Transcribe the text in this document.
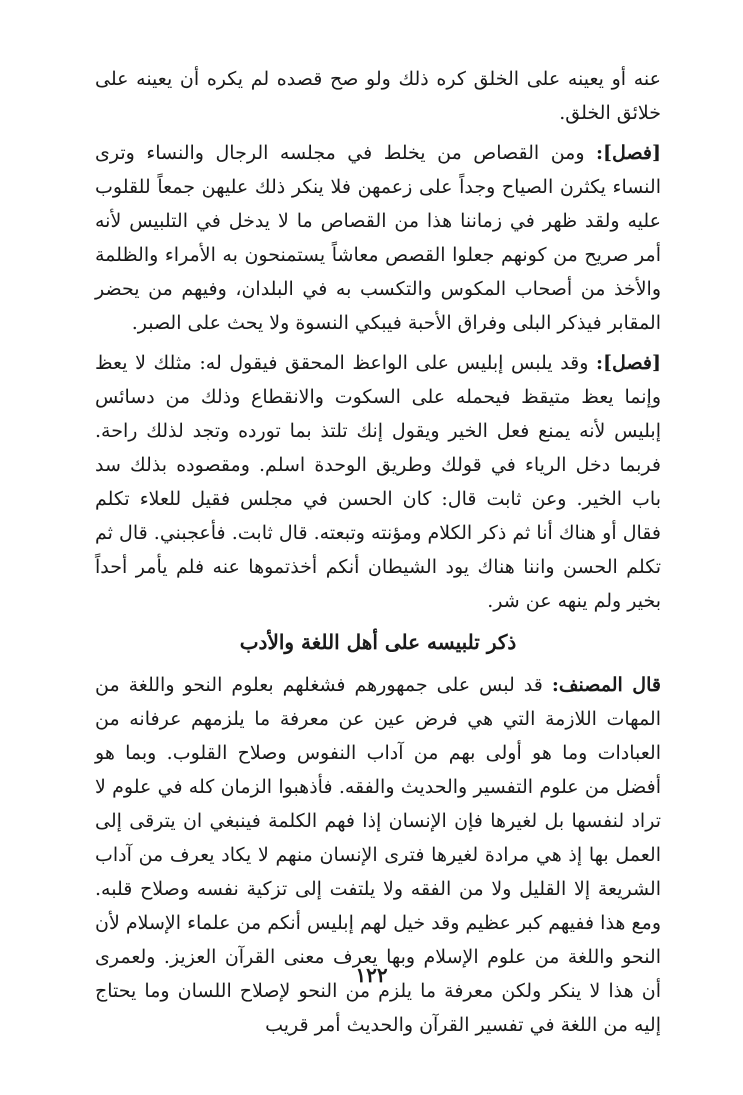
عنه أو يعينه على الخلق كره ذلك ولو صح قصده لم يكره أن يعينه على خلائق الخلق.

[فصل]: ومن القصاص من يخلط في مجلسه الرجال والنساء وترى النساء يكثرن الصياح وجداً على زعمهن فلا ينكر ذلك عليهن جمعاً للقلوب عليه ولقد ظهر في زماننا هذا من القصاص ما لا يدخل في التلبيس لأنه أمر صريح من كونهم جعلوا القصص معاشاً يستمنحون به الأمراء والظلمة والأخذ من أصحاب المكوس والتكسب به في البلدان، وفيهم من يحضر المقابر فيذكر البلى وفراق الأحبة فيبكي النسوة ولا يحث على الصبر.

[فصل]: وقد يلبس إبليس على الواعظ المحقق فيقول له: مثلك لا يعظ وإنما يعظ متيقظ فيحمله على السكوت والانقطاع وذلك من دسائس إبليس لأنه يمنع فعل الخير ويقول إنك تلتذ بما تورده وتجد لذلك راحة. فربما دخل الرياء في قولك وطريق الوحدة اسلم. ومقصوده بذلك سد باب الخير. وعن ثابت قال: كان الحسن في مجلس فقيل للعلاء تكلم فقال أو هناك أنا ثم ذكر الكلام ومؤنته وتبعته. قال ثابت. فأعجبني. قال ثم تكلم الحسن واننا هناك يود الشيطان أنكم أخذتموها عنه فلم يأمر أحداً بخير ولم ينهه عن شر.

ذكر تلبيسه على أهل اللغة والأدب

قال المصنف: قد لبس على جمهورهم فشغلهم بعلوم النحو واللغة من المهات اللازمة التي هي فرض عين عن معرفة ما يلزمهم عرفانه من العبادات وما هو أولى بهم من آداب النفوس وصلاح القلوب. وبما هو أفضل من علوم التفسير والحديث والفقه. فأذهبوا الزمان كله في علوم لا تراد لنفسها بل لغيرها فإن الإنسان إذا فهم الكلمة فينبغي ان يترقى إلى العمل بها إذ هي مرادة لغيرها فترى الإنسان منهم لا يكاد يعرف من آداب الشريعة إلا القليل ولا من الفقه ولا يلتفت إلى تزكية نفسه وصلاح قلبه. ومع هذا ففيهم كبر عظيم وقد خيل لهم إبليس أنكم من علماء الإسلام لأن النحو واللغة من علوم الإسلام وبها يعرف معنى القرآن العزيز. ولعمرى أن هذا لا ينكر ولكن معرفة ما يلزم من النحو لإصلاح اللسان وما يحتاج إليه من اللغة في تفسير القرآن والحديث أمر قريب

١٢٢
